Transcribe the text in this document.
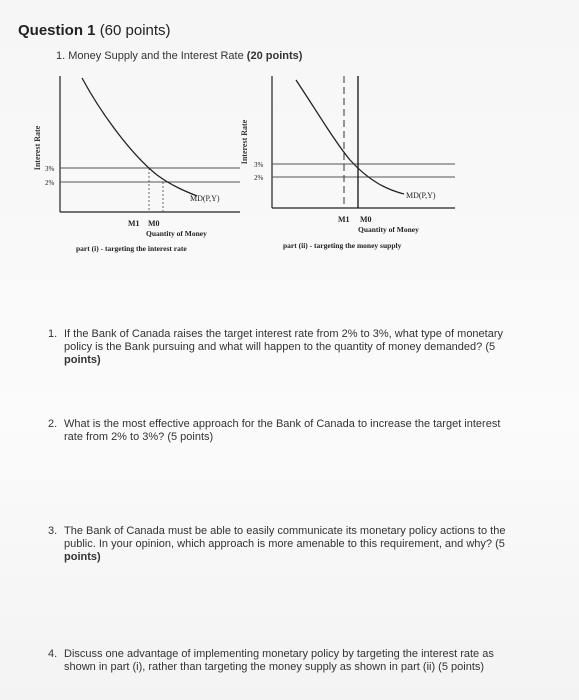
Question 1 (60 points)
1. Money Supply and the Interest Rate (20 points)
Interest Rate 3%
2%
MD(P,Y)
M1 M0
Quantity of Money
part (i) - targeting the interest rate
Interest Rate
3%
2%
MD(P,Y)
M1 M0
Quantity of Money
part (ii) - targeting the money supply
1. If the Bank of Canada raises the target interest rate from 2% to 3%, what type of monetary
policy is the Bank pursuing and what will happen to the quantity of money demanded? (5
points)
2. What is the most effective approach for the Bank of Canada to increase the target interest
rate from 2% to 3%? (5 points)
3. The Bank of Canada must be able to easily communicate its monetary policy actions to the
public. In your opinion, which approach is more amenable to this requirement, and why? (5
points)
4. Discuss one advantage of implementing monetary policy by targeting the interest rate as
shown in part (i), rather than targeting the money supply as shown in part (ii) (5 points)
